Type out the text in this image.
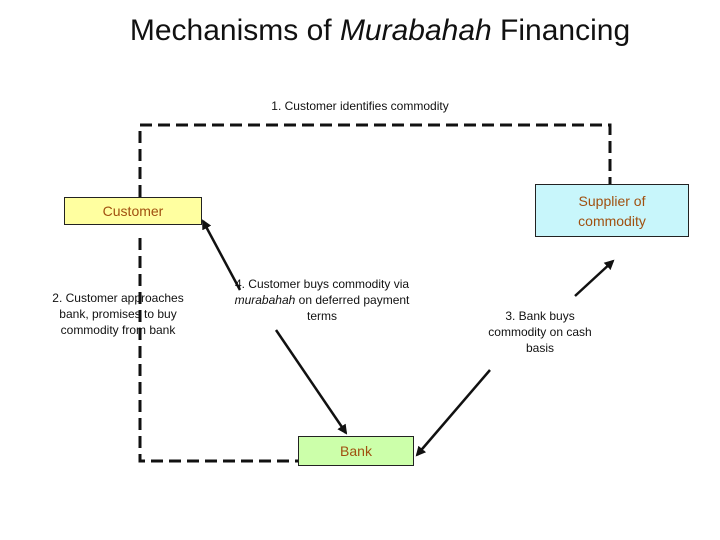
Mechanisms of Murabahah Financing
1. Customer identifies commodity
2. Customer approaches bank, promises to buy commodity from bank
4. Customer buys commodity via murabahah on deferred payment terms	3. Bank buys commodity on cash basis
Customer
Supplier of commodity
Bank
